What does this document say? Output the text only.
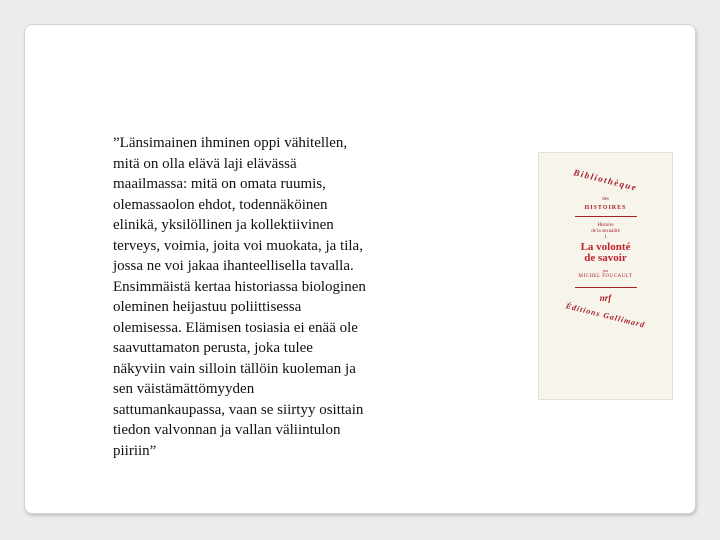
”Länsimainen ihminen oppi vähitellen,
mitä on olla elävä laji elävässä
maailmassa: mitä on omata ruumis,
olemassaolon ehdot, todennäköinen
elinikä, yksilöllinen ja kollektiivinen
terveys, voimia, joita voi muokata, ja tila,
jossa ne voi jakaa ihanteellisella tavalla.
Ensimmäistä kertaa historiassa biologinen
oleminen heijastuu poliittisessa
olemisessa. Elämisen tosiasia ei enää ole
saavuttamaton perusta, joka tulee
näkyviin vain silloin tällöin kuoleman ja
sen väistämättömyyden
sattumankaupassa, vaan se siirtyy osittain
tiedon valvonnan ja vallan väliintulon
piiriin”
Bibliothèque
des
HISTOIRES
Histoire
de la sexualité
1
La volonté
de savoir
par
MICHEL FOUCAULT
nrf
Éditions Gallimard
